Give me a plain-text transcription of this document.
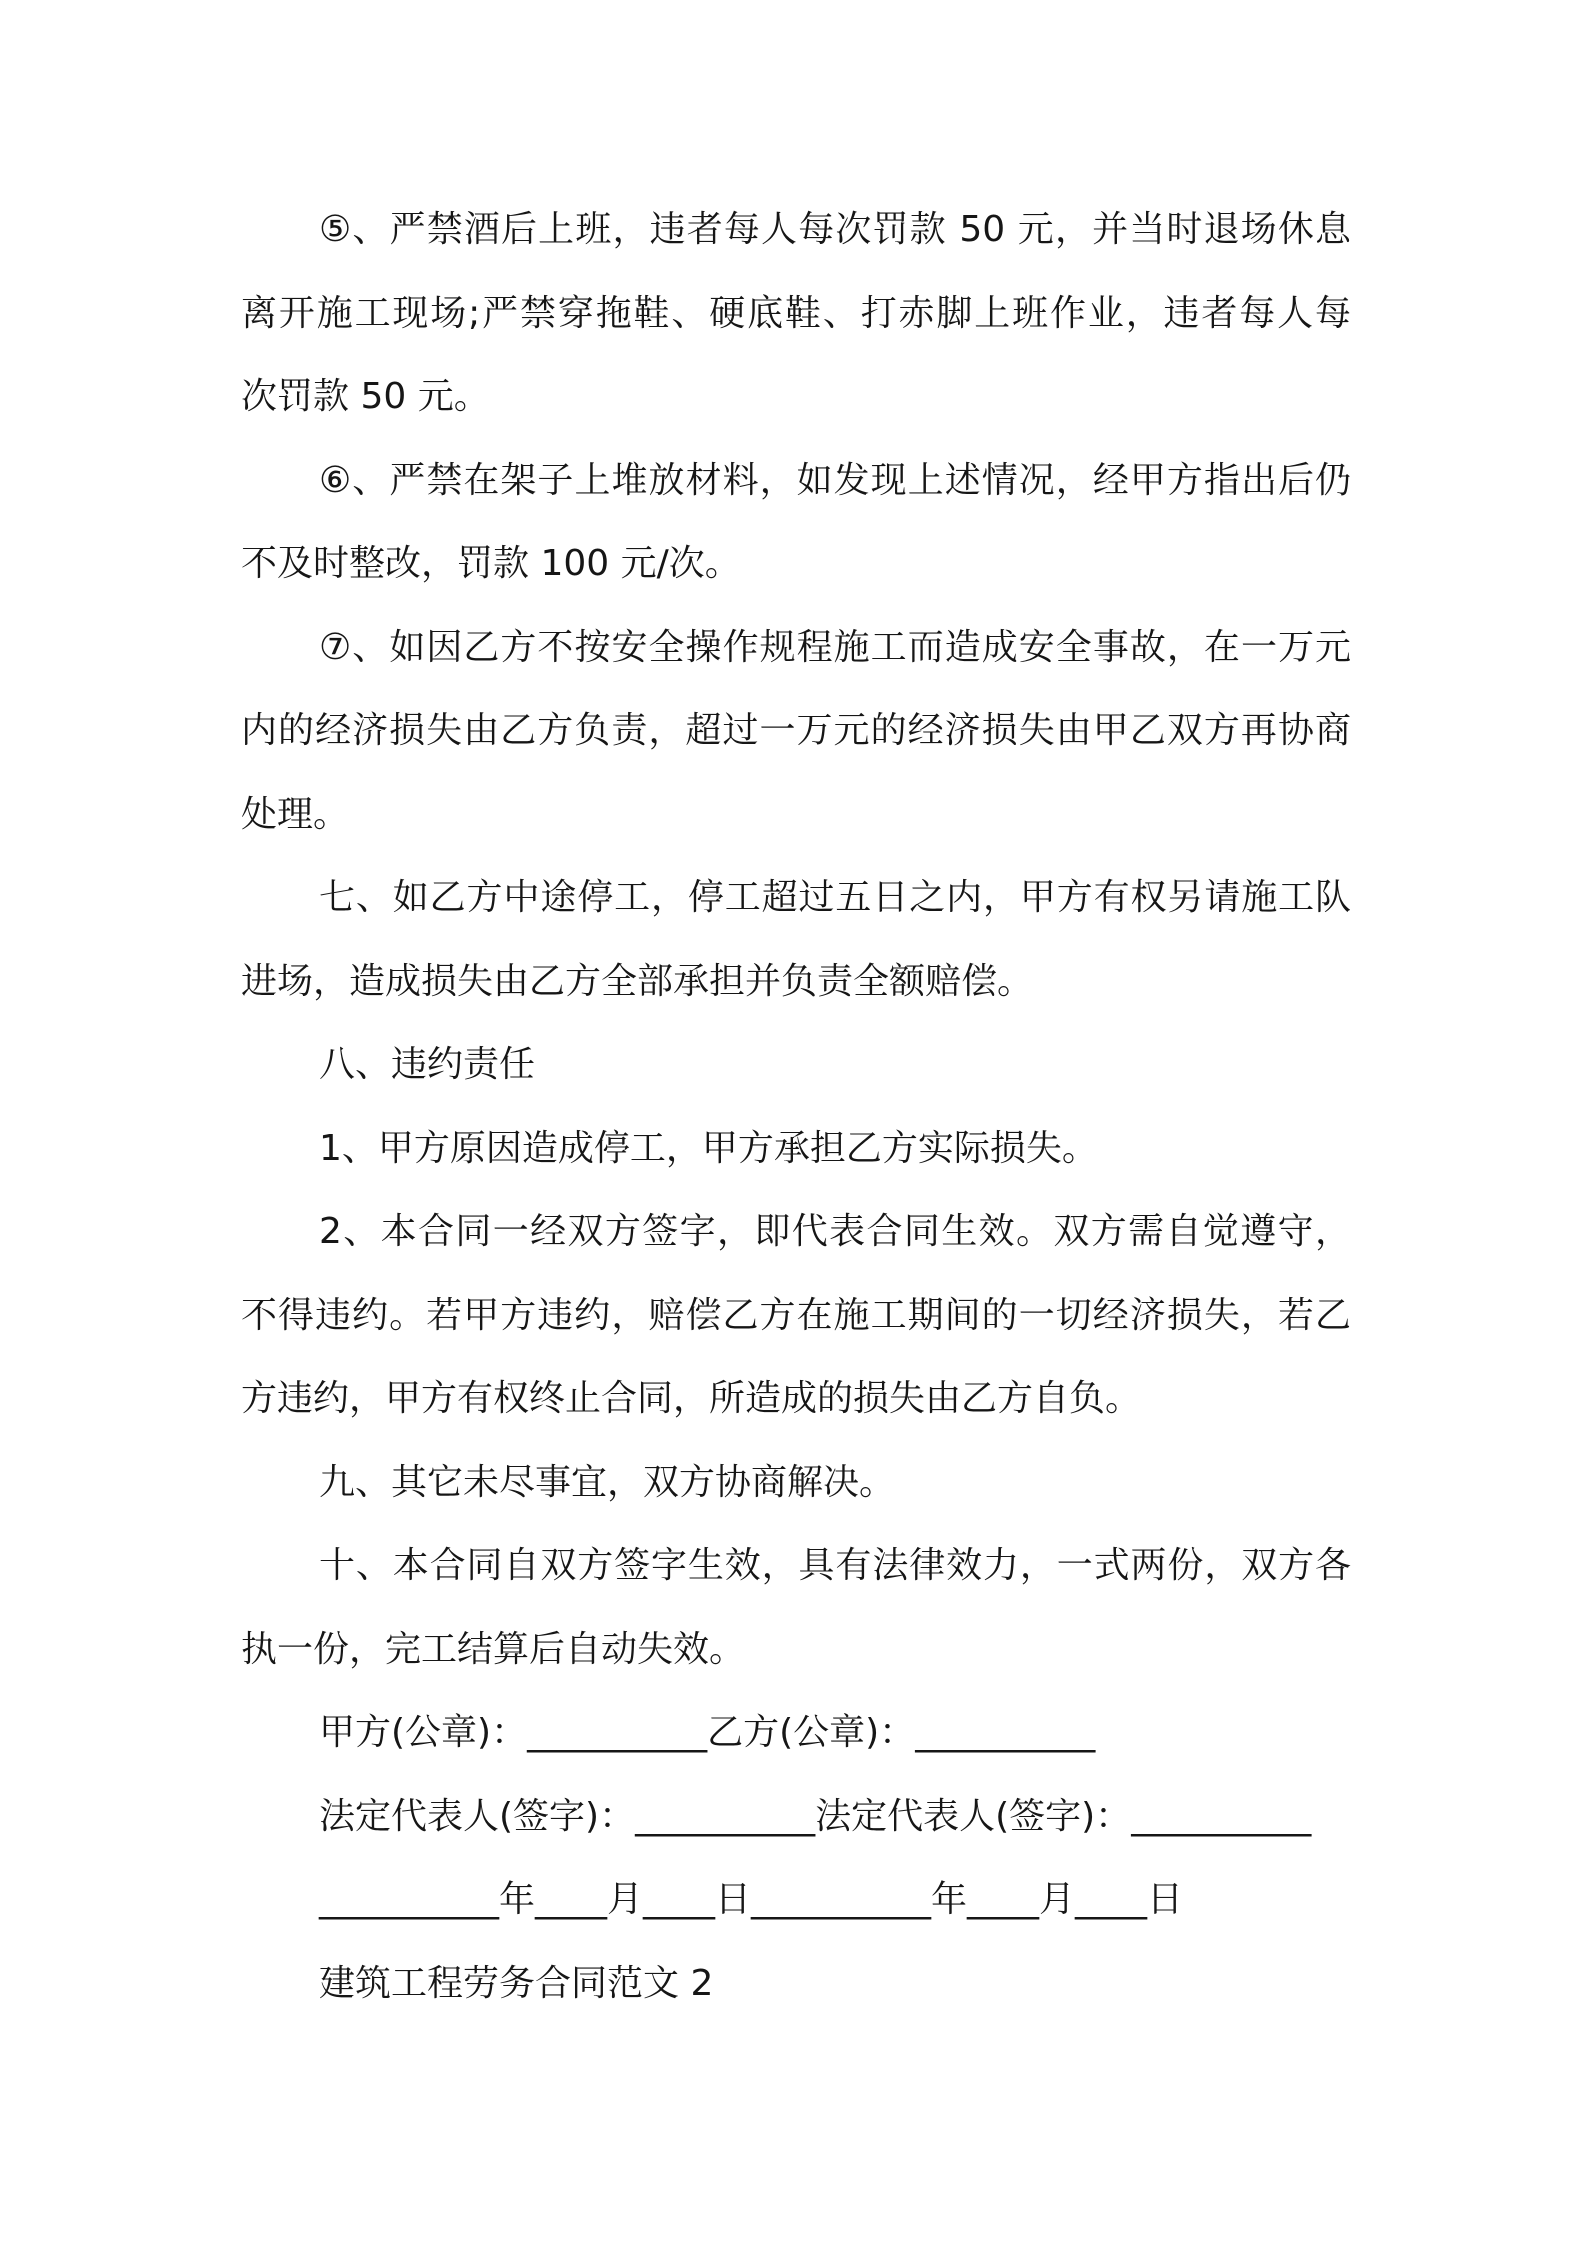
⑤、严禁酒后上班，违者每人每次罚款 50 元，并当时退场休息
离开施工现场;严禁穿拖鞋、硬底鞋、打赤脚上班作业，违者每人每
次罚款 50 元。
⑥、严禁在架子上堆放材料，如发现上述情况，经甲方指出后仍
不及时整改，罚款 100 元/次。
⑦、如因乙方不按安全操作规程施工而造成安全事故，在一万元
内的经济损失由乙方负责，超过一万元的经济损失由甲乙双方再协商
处理。
七、如乙方中途停工，停工超过五日之内，甲方有权另请施工队
进场，造成损失由乙方全部承担并负责全额赔偿。
八、违约责任
1、甲方原因造成停工，甲方承担乙方实际损失。
2、本合同一经双方签字，即代表合同生效。双方需自觉遵守，
不得违约。若甲方违约，赔偿乙方在施工期间的一切经济损失，若乙
方违约，甲方有权终止合同，所造成的损失由乙方自负。
九、其它未尽事宜，双方协商解决。
十、本合同自双方签字生效，具有法律效力，一式两份，双方各
执一份，完工结算后自动失效。
甲方(公章)：__________乙方(公章)：__________
法定代表人(签字)：__________法定代表人(签字)：__________
__________年____月____日__________年____月____日
建筑工程劳务合同范文 2
